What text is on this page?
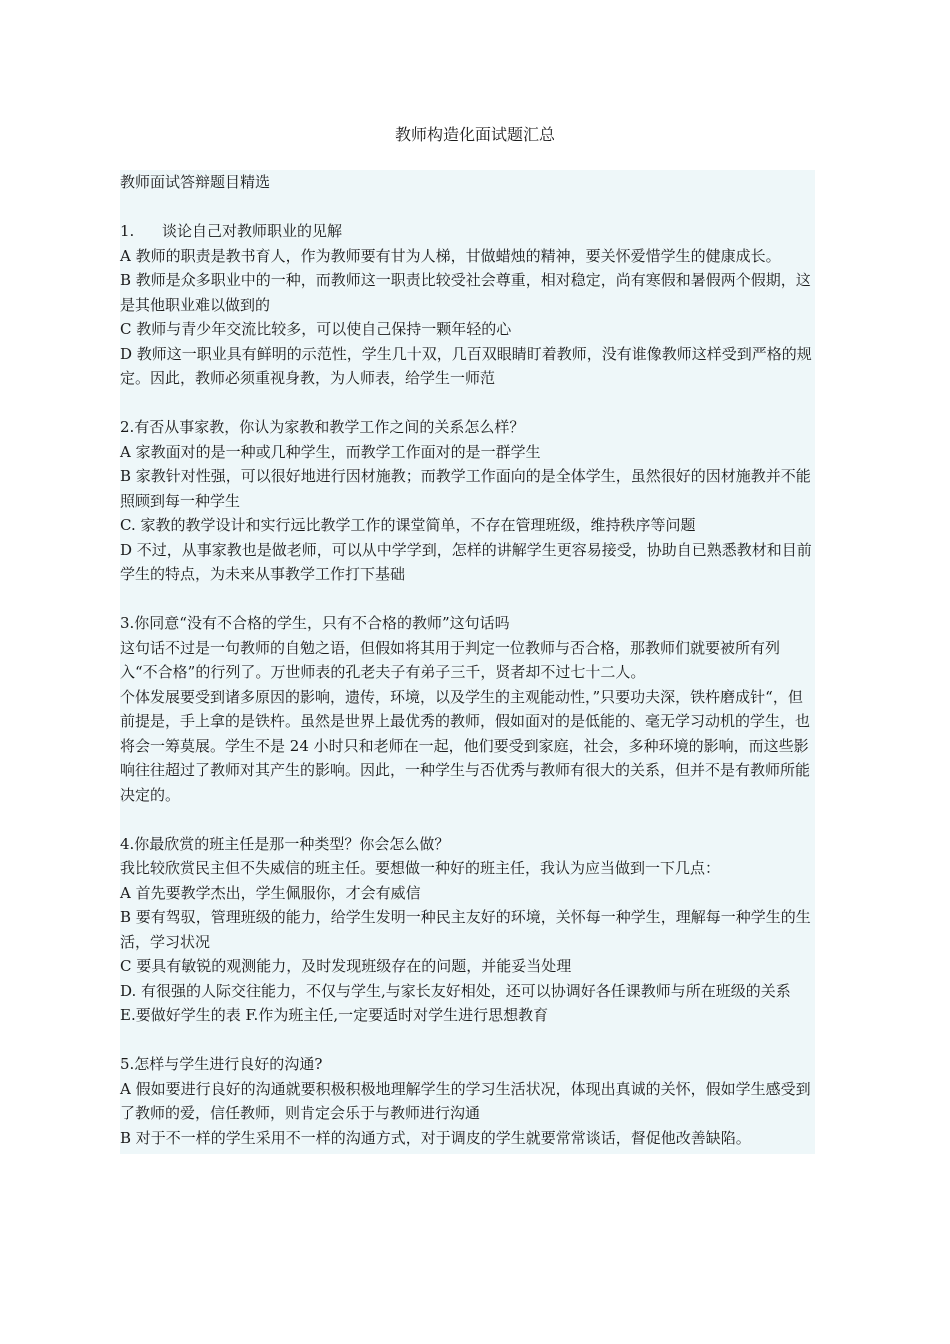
教师构造化面试题汇总

教师面试答辩题目精选

1. 谈论自己对教师职业的见解

A 教师的职责是教书育人，作为教师要有甘为人梯，甘做蜡烛的精神，要关怀爱惜学生的健康成长。

B 教师是众多职业中的一种，而教师这一职责比较受社会尊重，相对稳定，尚有寒假和暑假两个假期，这是其他职业难以做到的

C 教师与青少年交流比较多，可以使自己保持一颗年轻的心

D 教师这一职业具有鲜明的示范性，学生几十双，几百双眼睛盯着教师，没有谁像教师这样受到严格的规定。因此，教师必须重视身教，为人师表，给学生一师范

2.有否从事家教，你认为家教和教学工作之间的关系怎么样？

A 家教面对的是一种或几种学生，而教学工作面对的是一群学生

B 家教针对性强，可以很好地进行因材施教；而教学工作面向的是全体学生，虽然很好的因材施教并不能照顾到每一种学生

C. 家教的教学设计和实行远比教学工作的课堂简单，不存在管理班级，维持秩序等问题

D 不过，从事家教也是做老师，可以从中学学到，怎样的讲解学生更容易接受，协助自已熟悉教材和目前学生的特点，为未来从事教学工作打下基础

3.你同意“没有不合格的学生，只有不合格的教师”这句话吗

这句话不过是一句教师的自勉之语，但假如将其用于判定一位教师与否合格，那教师们就要被所有列入“不合格”的行列了。万世师表的孔老夫子有弟子三千，贤者却不过七十二人。

个体发展要受到诸多原因的影响，遗传，环境，以及学生的主观能动性，”只要功夫深，铁杵磨成针“，但前提是，手上拿的是铁杵。虽然是世界上最优秀的教师，假如面对的是低能的、毫无学习动机的学生，也将会一筹莫展。学生不是 24 小时只和老师在一起，他们要受到家庭，社会，多种环境的影响，而这些影响往往超过了教师对其产生的影响。因此，一种学生与否优秀与教师有很大的关系，但并不是有教师所能决定的。

4.你最欣赏的班主任是那一种类型？你会怎么做？

我比较欣赏民主但不失威信的班主任。要想做一种好的班主任，我认为应当做到一下几点：

A 首先要教学杰出，学生佩服你，才会有威信

B 要有驾驭，管理班级的能力，给学生发明一种民主友好的环境，关怀每一种学生，理解每一种学生的生活，学习状况

C 要具有敏锐的观测能力，及时发现班级存在的问题，并能妥当处理

D. 有很强的人际交往能力，不仅与学生,与家长友好相处，还可以协调好各任课教师与所在班级的关系

E.要做好学生的表 F.作为班主任,一定要适时对学生进行思想教育

5.怎样与学生进行良好的沟通?

A 假如要进行良好的沟通就要积极积极地理解学生的学习生活状况，体现出真诚的关怀，假如学生感受到了教师的爱，信任教师，则肯定会乐于与教师进行沟通

B 对于不一样的学生采用不一样的沟通方式，对于调皮的学生就要常常谈话，督促他改善缺陷。
